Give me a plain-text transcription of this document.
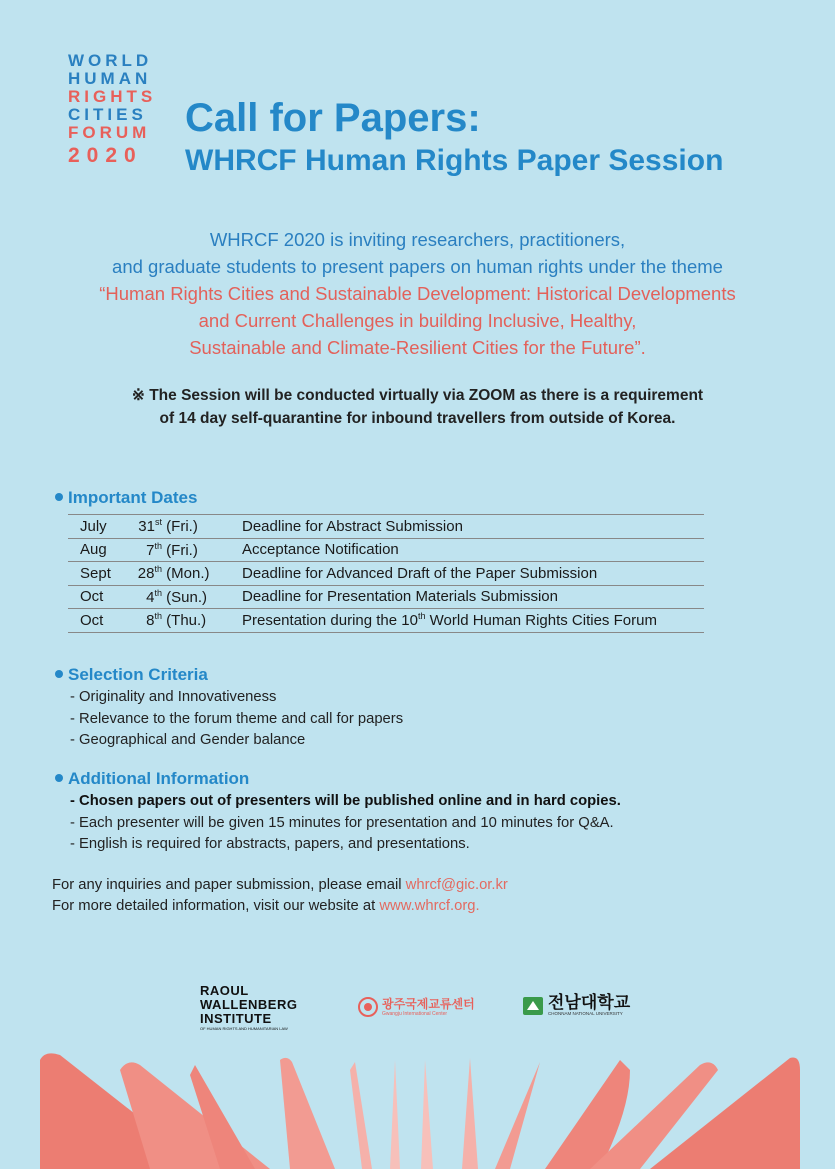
WORLD
HUMAN
RIGHTS
CITIES
FORUM
2020
Call for Papers:
WHRCF Human Rights Paper Session
WHRCF 2020 is inviting researchers, practitioners,
and graduate students to present papers on human rights under the theme
“Human Rights Cities and Sustainable Development: Historical Developments
and Current Challenges in building Inclusive, Healthy,
Sustainable and Climate-Resilient Cities for the Future”.
※ The Session will be conducted virtually via ZOOM as there is a requirement
of 14 day self-quarantine for inbound travellers from outside of Korea.
Important Dates
July	31st (Fri.)	Deadline for Abstract Submission
Aug	7th (Fri.)	Acceptance Notification
Sept	28th (Mon.)	Deadline for Advanced Draft of the Paper Submission
Oct	4th (Sun.)	Deadline for Presentation Materials Submission
Oct	8th (Thu.)	Presentation during the 10th World Human Rights Cities Forum
Selection Criteria
- Originality and Innovativeness
- Relevance to the forum theme and call for papers
- Geographical and Gender balance
Additional Information
- Chosen papers out of presenters will be published online and in hard copies.
- Each presenter will be given 15 minutes for presentation and 10 minutes for Q&A.
- English is required for abstracts, papers, and presentations.
For any inquiries and paper submission, please email whrcf@gic.or.kr
For more detailed information, visit our website at www.whrcf.org.
RAOUL
WALLENBERG
INSTITUTE
OF HUMAN RIGHTS AND HUMANITARIAN LAW
광주국제교류센터
Gwangju International Center
전남대학교
CHONNAM NATIONAL UNIVERSITY
